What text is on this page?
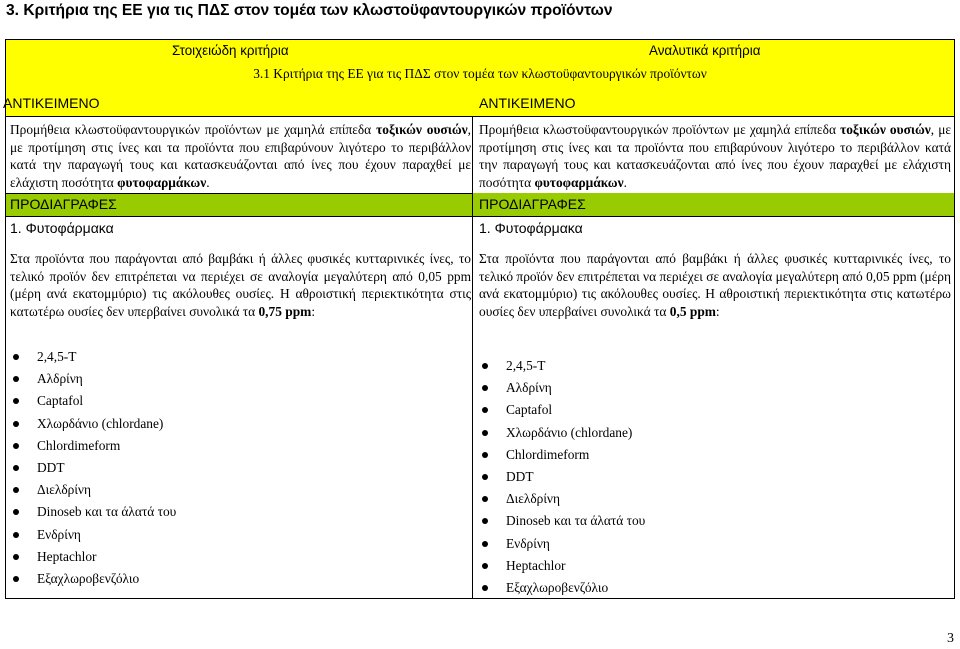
3. Κριτήρια της ΕΕ για τις ΠΔΣ στον τομέα των κλωστοϋφαντουργικών προϊόντων
Στοιχειώδη κριτήρια	Αναλυτικά κριτήρια
3.1 Κριτήρια της ΕΕ για τις ΠΔΣ στον τομέα των κλωστοϋφαντουργικών προϊόντων
ΑΝΤΙΚΕΙΜΕΝΟ	ΑΝΤΙΚΕΙΜΕΝΟ

Προμήθεια κλωστοϋφαντουργικών προϊόντων με χαμηλά επίπεδα τοξικών ουσιών, με προτίμηση στις ίνες και τα προϊόντα που επιβαρύνουν λιγότερο το περιβάλλον κατά την παραγωγή τους και κατασκευάζονται από ίνες που έχουν παραχθεί με ελάχιστη ποσότητα φυτοφαρμάκων.

ΠΡΟΔΙΑΓΡΑΦΕΣ
1. Φυτοφάρμακα

Στα προϊόντα που παράγονται από βαμβάκι ή άλλες φυσικές κυτταρινικές ίνες, το τελικό προϊόν δεν επιτρέπεται να περιέχει σε αναλογία μεγαλύτερη από 0,05 ppm (μέρη ανά εκατομμύριο) τις ακόλουθες ουσίες. Η αθροιστική περιεκτικότητα στις κατωτέρω ουσίες δεν υπερβαίνει συνολικά τα 0,75 ppm:

2,4,5-T
Αλδρίνη
Captafol
Χλωρδάνιο (chlordane)
Chlordimeform
DDT
Διελδρίνη
Dinoseb και τα άλατά του
Ενδρίνη
Heptachlor
Εξαχλωροβενζόλιο

Προμήθεια κλωστοϋφαντουργικών προϊόντων με χαμηλά επίπεδα τοξικών ουσιών, με προτίμηση στις ίνες και τα προϊόντα που επιβαρύνουν λιγότερο το περιβάλλον κατά την παραγωγή τους και κατασκευάζονται από ίνες που έχουν παραχθεί με ελάχιστη ποσότητα φυτοφαρμάκων.

ΠΡΟΔΙΑΓΡΑΦΕΣ
1. Φυτοφάρμακα

Στα προϊόντα που παράγονται από βαμβάκι ή άλλες φυσικές κυτταρινικές ίνες, το τελικό προϊόν δεν επιτρέπεται να περιέχει σε αναλογία μεγαλύτερη από 0,05 ppm (μέρη ανά εκατομμύριο) τις ακόλουθες ουσίες. Η αθροιστική περιεκτικότητα στις κατωτέρω ουσίες δεν υπερβαίνει συνολικά τα 0,5 ppm:

2,4,5-T
Αλδρίνη
Captafol
Χλωρδάνιο (chlordane)
Chlordimeform
DDT
Διελδρίνη
Dinoseb και τα άλατά του
Ενδρίνη
Heptachlor
Εξαχλωροβενζόλιο
3
